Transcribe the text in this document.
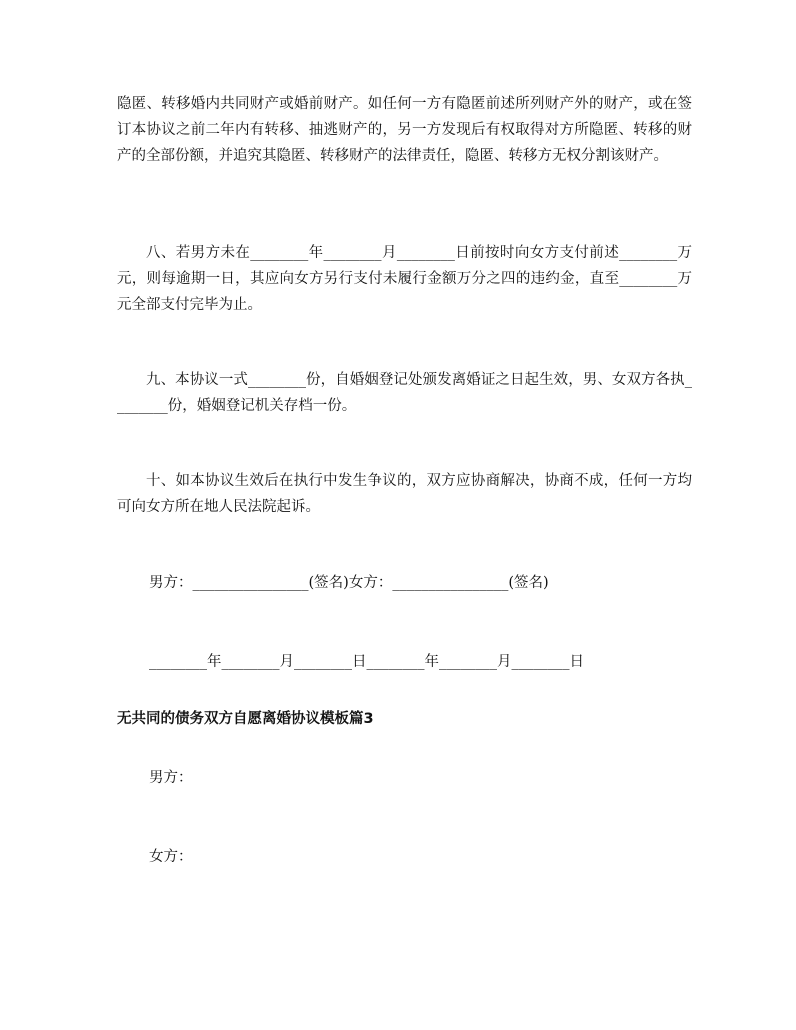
隐匿、转移婚内共同财产或婚前财产。如任何一方有隐匿前述所列财产外的财产，或在签订本协议之前二年内有转移、抽逃财产的，另一方发现后有权取得对方所隐匿、转移的财产的全部份额，并追究其隐匿、转移财产的法律责任，隐匿、转移方无权分割该财产。

八、若男方未在________年________月________日前按时向女方支付前述________万元，则每逾期一日，其应向女方另行支付未履行金额万分之四的违约金，直至________万元全部支付完毕为止。

九、本协议一式________份，自婚姻登记处颁发离婚证之日起生效，男、女双方各执________份，婚姻登记机关存档一份。

十、如本协议生效后在执行中发生争议的，双方应协商解决，协商不成，任何一方均可向女方所在地人民法院起诉。

男方：________________(签名)女方：________________(签名)

________年________月________日________年________月________日

无共同的债务双方自愿离婚协议模板篇3

男方：

女方：
